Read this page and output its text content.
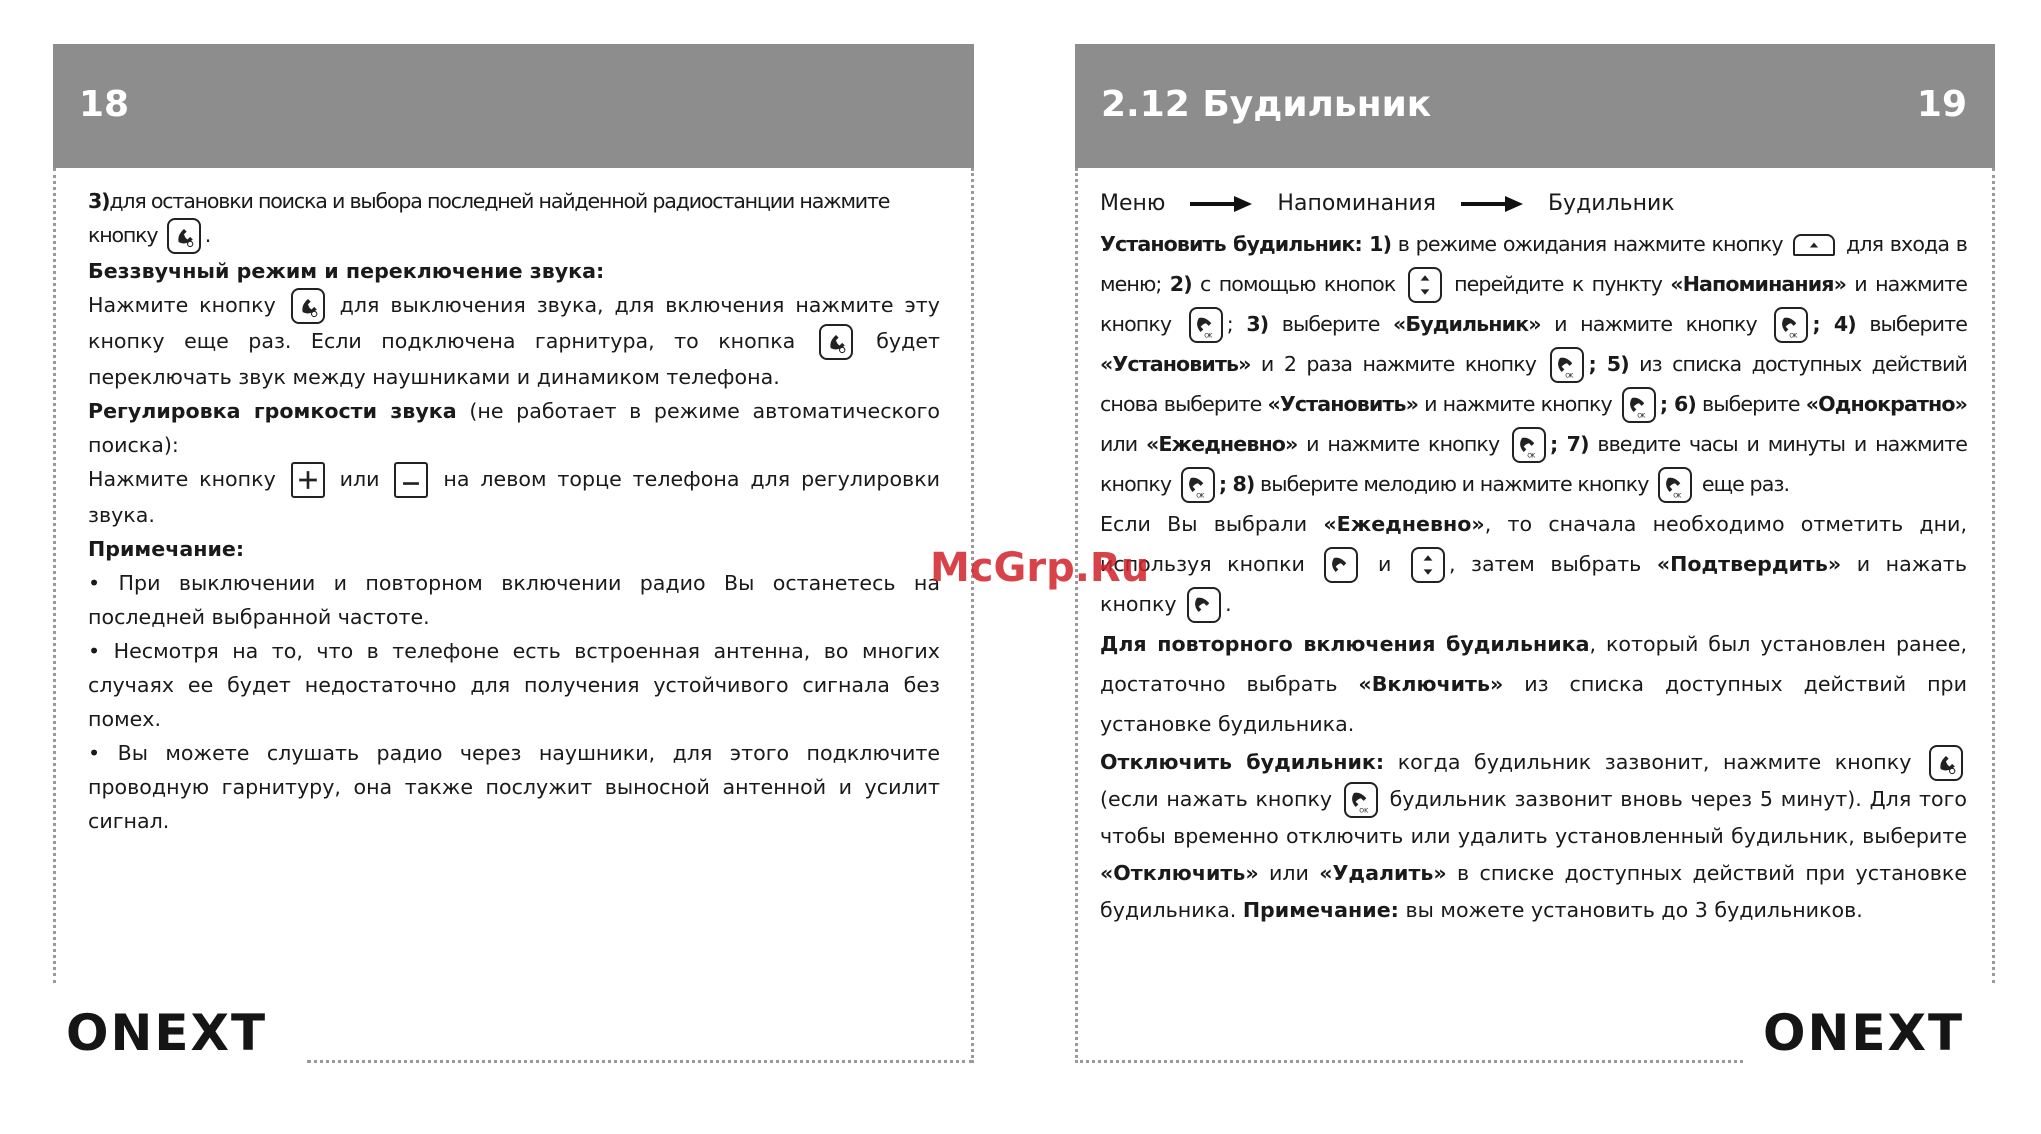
18

3)для остановки поиска и выбора последней найденной радиостанции нажмите
кнопку .

Беззвучный режим и переключение звука:

Нажмите кнопку	для выключения звука, для включения нажмите эту кнопку еще раз. Если подключена гарнитура, то кнопка	будет переключать звук между наушниками и динамиком телефона.

Регулировка громкости звука (не работает в режиме автоматического поиска):

Нажмите кнопку	или	на левом торце телефона для регулировки звука.

Примечание:

• При выключении и повторном включении радио Вы останетесь на последней выбранной частоте.

• Несмотря на то, что в телефоне есть встроенная антенна, во многих случаях ее будет недостаточно для получения устойчивого сигнала без помех.

• Вы можете слушать радио через наушники, для этого подключите проводную гарнитуру, она также послужит выносной антенной и усилит сигнал.

ONEXT
2.12 Будильник	19
Меню	Напоминания	Будильник

Установить будильник: 1) в режиме ожидания нажмите кнопку	для входа в меню; 2) с помощью кнопок	перейдите к пункту «Напоминания» и нажмите кнопку	OK ; 3) выберите «Будильник» и нажмите кнопку	OK ; 4) выберите «Установить» и 2 раза нажмите кнопку	OK ; 5) из списка доступных действий снова выберите «Установить» и нажмите кнопку	OK ; 6) выберите «Однократно» или «Ежедневно» и нажмите кнопку	OK ; 7) введите часы и минуты и нажмите кнопку	OK ; 8) выберите мелодию и нажмите кнопку	OK еще раз.

Если Вы выбрали «Ежедневно», то сначала необходимо отметить дни, используя кнопки	и	, затем выбрать «Подтвердить» и нажать кнопку .

Для повторного включения будильника, который был установлен ранее, достаточно выбрать «Включить» из списка доступных действий при установке будильника.

Отключить будильник: когда будильник зазвонит, нажмите кнопку
(если нажать кнопку	OK будильник зазвонит вновь через 5 минут). Для того чтобы временно отключить или удалить установленный будильник, выберите «Отключить» или «Удалить» в списке доступных действий при установке будильника. Примечание: вы можете установить до 3 будильников.

ONEXT
McGrp.Ru
